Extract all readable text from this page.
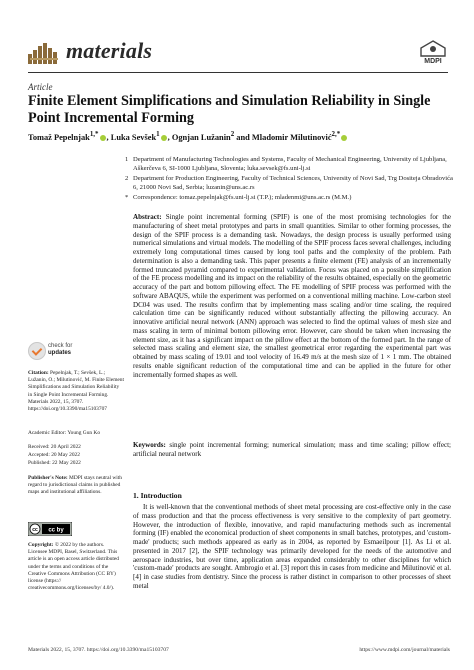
materials	MDPI
Article
Finite Element Simplifications and Simulation Reliability in Single Point Incremental Forming
Tomaž Pepelnjak$^{1,*}$ , Luka Sevšek$^1$ , Ognjan Lužanin$^2$ and Mladomir Milutinović$^{2,*}$
1 Department of Manufacturing Technologies and Systems, Faculty of Mechanical Engineering, University of Ljubljana, Aškerčeva 6, SI-1000 Ljubljana, Slovenia; luka.sevsek@fs.uni-lj.si
2 Department for Production Engineering, Faculty of Technical Sciences, University of Novi Sad, Trg Dositeja Obradovića 6, 21000 Novi Sad, Serbia; luzanin@uns.ac.rs
* Correspondence: tomaz.pepelnjak@fs.uni-lj.si (T.P.); mladenmi@uns.ac.rs (M.M.)
Abstract: Single point incremental forming (SPIF) is one of the most promising technologies for the manufacturing of sheet metal prototypes and parts in small quantities. Similar to other forming processes, the design of the SPIF process is a demanding task. Nowadays, the design process is usually performed using numerical simulations and virtual models. The modelling of the SPIF process faces several challenges, including extremely long computational times caused by long tool paths and the complexity of the problem. Path determination is also a demanding task. This paper presents a finite element (FE) analysis of an incrementally formed truncated pyramid compared to experimental validation. Focus was placed on a possible simplification of the FE process modelling and its impact on the reliability of the results obtained, especially on the geometric accuracy of the part and bottom pillowing effect. The FE modelling of SPIF process was performed with the software ABAQUS, while the experiment was performed on a conventional milling machine. Low-carbon steel DC04 was used. The results confirm that by implementing mass scaling and/or time scaling, the required calculation time can be significantly reduced without substantially affecting the pillowing accuracy. An innovative artificial neural network (ANN) approach was selected to find the optimal values of mesh size and mass scaling in term of minimal bottom pillowing error. However, care should be taken when increasing the element size, as it has a significant impact on the pillow effect at the bottom of the formed part. In the range of selected mass scaling and element size, the smallest geometrical error regarding the experimental part was obtained by mass scaling of 19.01 and tool velocity of 16.49 m/s at the mesh size of 1 × 1 mm. The obtained results enable significant reduction of the computational time and can be applied in the future for other incrementally formed shapes as well.
Keywords: single point incremental forming; numerical simulation; mass and time scaling; pillow effect; artificial neural network
1. Introduction
It is well-known that the conventional methods of sheet metal processing are cost-effective only in the case of mass production and that the process effectiveness is very sensitive to the complexity of part geometry. However, the introduction of flexible, innovative, and rapid manufacturing methods such as incremental forming (IF) enabled the economical production of sheet components in small batches, prototypes, and 'custom-made' products; such methods appeared as early as in 2004, as reported by Esmaeilpour [1]. As Li et al. presented in 2017 [2], the SPIF technology was primarily developed for the needs of the automotive and aerospace industries, but over time, application areas expanded considerably to other disciplines for which 'custom-made' products are sought. Ambrogio et al. [3] report this in cases from medicine and Milutinović et al. [4] in case studies from dentistry. Since the process is rather distinct in comparison to other processes of sheet metal
check for
updates
Citation: Pepelnjak, T.; Sevšek, L.; Lužanin, O.; Milutinović, M. Finite Element Simplifications and Simulation Reliability in Single Point Incremental Forming. Materials 2022, 15, 3707. https://doi.org/10.3390/ma15103707
Academic Editor: Young Gun Ko
Received: 20 April 2022
Accepted: 20 May 2022
Published: 22 May 2022
Publisher's Note: MDPI stays neutral with regard to jurisdictional claims in published maps and institutional affiliations.
cc cc by
Copyright: © 2022 by the authors. Licensee MDPI, Basel, Switzerland. This article is an open access article distributed under the terms and conditions of the Creative Commons Attribution (CC BY) license (https:// creativecommons.org/licenses/by/ 4.0/).
Materials 2022, 15, 3707. https://doi.org/10.3390/ma15103707	https://www.mdpi.com/journal/materials
